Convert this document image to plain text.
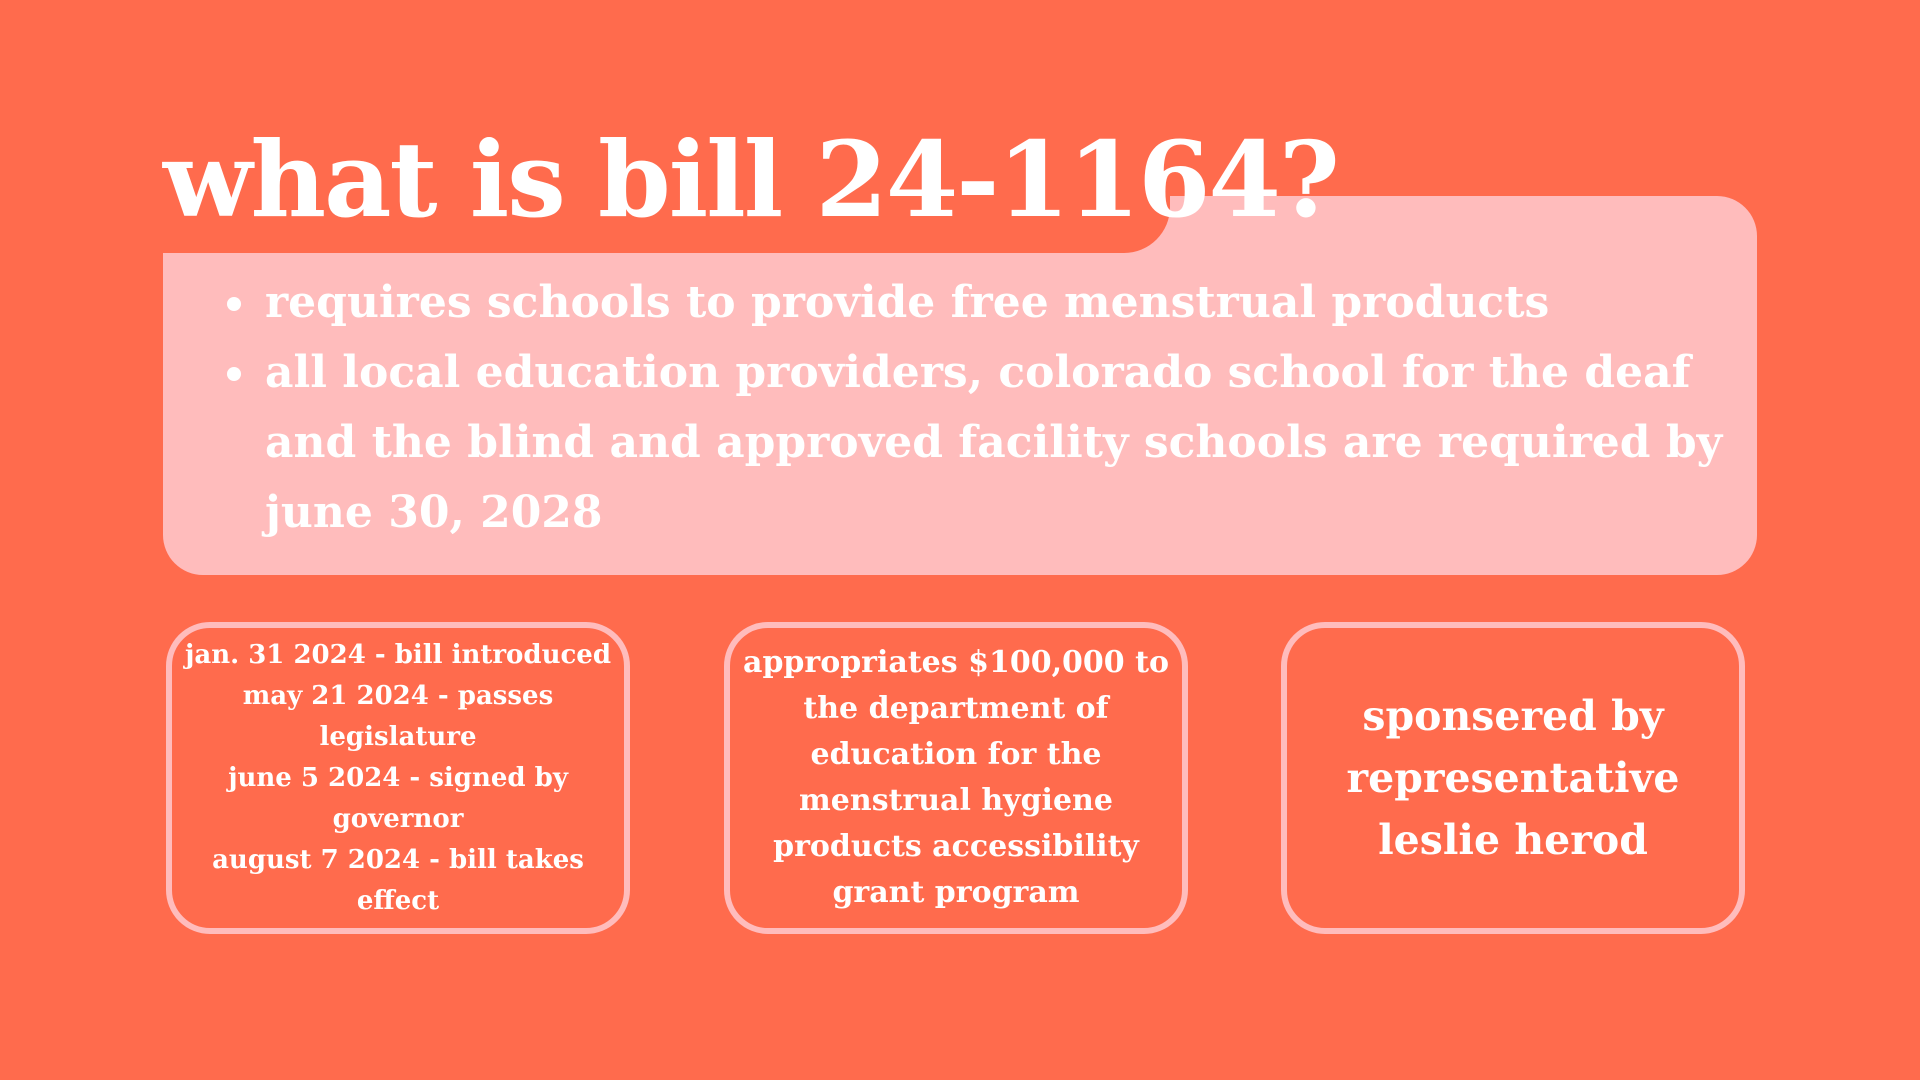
what is bill 24-1164?
requires schools to provide free menstrual products
all local education providers, colorado school for the deaf and the blind and approved facility schools are required by june 30, 2028
jan. 31 2024 - bill introduced
may 21 2024 - passes legislature
june 5 2024 - signed by governor
august 7 2024 - bill takes effect
appropriates $100,000 to the department of education for the menstrual hygiene products accessibility grant program
sponsered by representative leslie herod
